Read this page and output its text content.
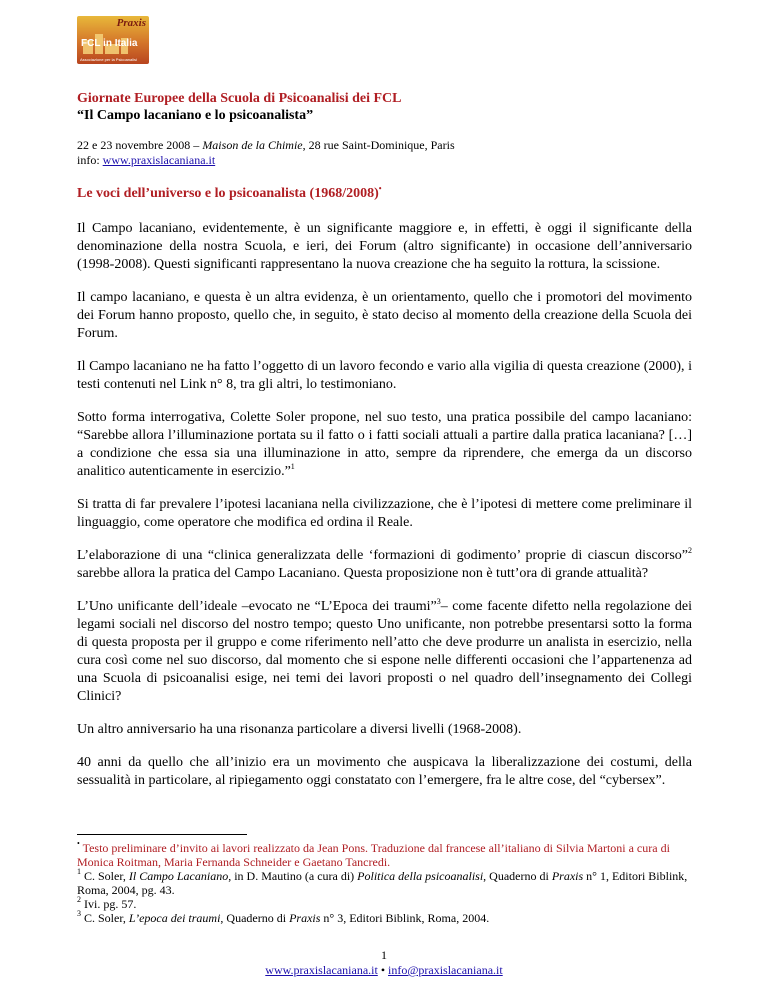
Praxis
FCL in Italia
Associazione per la Psicoanalisi

Giornate Europee della Scuola di Psicoanalisi dei FCL

“Il Campo lacaniano e lo psicoanalista”

22 e 23 novembre 2008 – Maison de la Chimie, 28 rue Saint-Dominique, Paris
info: www.praxislacaniana.it

Le voci dell’universo e lo psicoanalista (1968/2008)•

Il Campo lacaniano, evidentemente, è un significante maggiore e, in effetti, è oggi il significante della denominazione della nostra Scuola, e ieri, dei Forum (altro significante) in occasione dell’anniversario (1998-2008). Questi significanti rappresentano la nuova creazione che ha seguito la rottura, la scissione.

Il campo lacaniano, e questa è un altra evidenza, è un orientamento, quello che i promotori del movimento dei Forum hanno proposto, quello che, in seguito, è stato deciso al momento della creazione della Scuola dei Forum.

Il Campo lacaniano ne ha fatto l’oggetto di un lavoro fecondo e vario alla vigilia di questa creazione (2000), i testi contenuti nel Link n° 8, tra gli altri, lo testimoniano.

Sotto forma interrogativa, Colette Soler propone, nel suo testo, una pratica possibile del campo lacaniano: “Sarebbe allora l’illuminazione portata su il fatto o i fatti sociali attuali a partire dalla pratica lacaniana? […] a condizione che essa sia una illuminazione in atto, sempre da riprendere, che emerga da un discorso analitico autenticamente in esercizio.”$^1$

Si tratta di far prevalere l’ipotesi lacaniana nella civilizzazione, che è l’ipotesi di mettere come preliminare il linguaggio, come operatore che modifica ed ordina il Reale.

L’elaborazione di una “clinica generalizzata delle ‘formazioni di godimento’ proprie di ciascun discorso”$^2$ sarebbe allora la pratica del Campo Lacaniano. Questa proposizione non è tutt’ora di grande attualità?

L’Uno unificante dell’ideale –evocato ne “L’Epoca dei traumi”$^3$– come facente difetto nella regolazione dei legami sociali nel discorso del nostro tempo; questo Uno unificante, non potrebbe presentarsi sotto la forma di questa proposta per il gruppo e come riferimento nell’atto che deve produrre un analista in esercizio, nella cura così come nel suo discorso, dal momento che si espone nelle differenti occasioni che l’appartenenza ad una Scuola di psicoanalisi esige, nei temi dei lavori proposti o nel quadro dell’insegnamento dei Collegi Clinici?

Un altro anniversario ha una risonanza particolare a diversi livelli (1968-2008).

40 anni da quello che all’inizio era un movimento che auspicava la liberalizzazione dei costumi, della sessualità in particolare, al ripiegamento oggi constatato con l’emergere, fra le altre cose, del “cybersex”.

• Testo preliminare d’invito ai lavori realizzato da Jean Pons. Traduzione dal francese all’italiano di Silvia Martoni a cura di Monica Roitman, Maria Fernanda Schneider e Gaetano Tancredi.

$^1$ C. Soler, Il Campo Lacaniano, in D. Mautino (a cura di) Politica della psicoanalisi, Quaderno di Praxis n° 1, Editori Biblink, Roma, 2004, pg. 43.

$^2$ Ivi. pg. 57.

$^3$ C. Soler, L’epoca dei traumi, Quaderno di Praxis n° 3, Editori Biblink, Roma, 2004.

1
www.praxislacaniana.it • info@praxislacaniana.it
